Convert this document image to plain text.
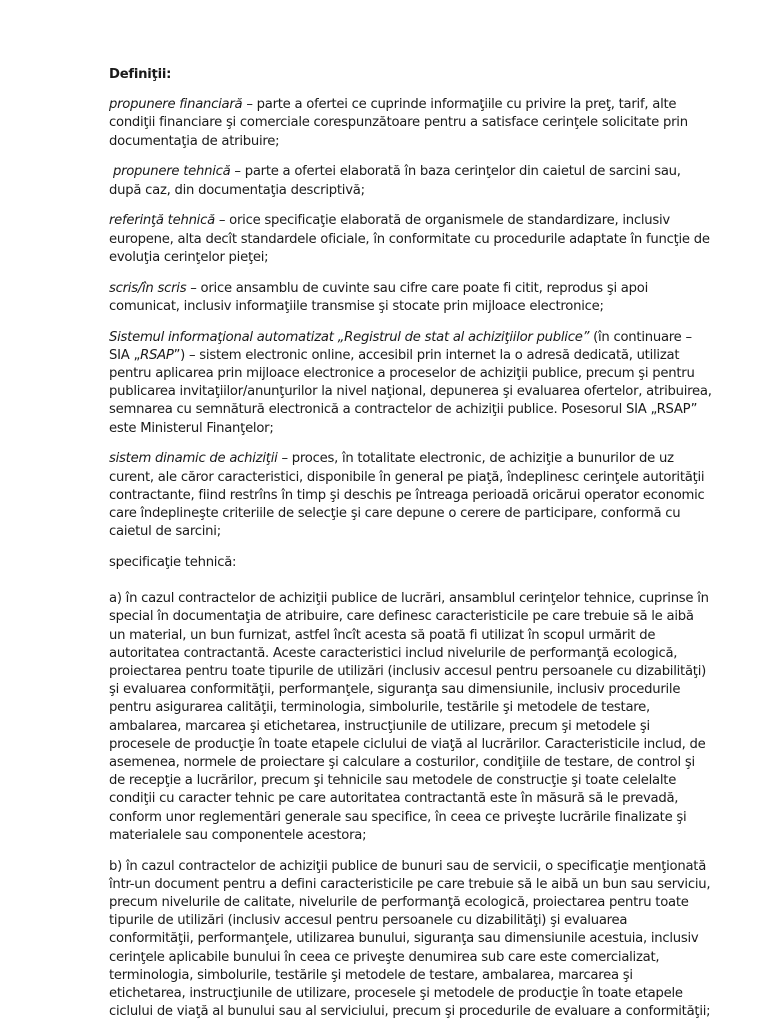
Definiţii:

propunere financiară – parte a ofertei ce cuprinde informaţiile cu privire la preţ, tarif, alte condiţii financiare şi comerciale corespunzătoare pentru a satisface cerinţele solicitate prin documentaţia de atribuire;

propunere tehnică – parte a ofertei elaborată în baza cerinţelor din caietul de sarcini sau, după caz, din documentaţia descriptivă;

referinţă tehnică – orice specificaţie elaborată de organismele de standardizare, inclusiv europene, alta decît standardele oficiale, în conformitate cu procedurile adaptate în funcţie de evoluţia cerinţelor pieţei;

scris/în scris – orice ansamblu de cuvinte sau cifre care poate fi citit, reprodus şi apoi comunicat, inclusiv informaţiile transmise şi stocate prin mijloace electronice;

Sistemul informaţional automatizat „Registrul de stat al achiziţiilor publice” (în continuare – SIA „RSAP”) – sistem electronic online, accesibil prin internet la o adresă dedicată, utilizat pentru aplicarea prin mijloace electronice a proceselor de achiziţii publice, precum şi pentru publicarea invitaţiilor/anunţurilor la nivel naţional, depunerea şi evaluarea ofertelor, atribuirea, semnarea cu semnătură electronică a contractelor de achiziţii publice. Posesorul SIA „RSAP” este Ministerul Finanţelor;

sistem dinamic de achiziţii – proces, în totalitate electronic, de achiziţie a bunurilor de uz curent, ale căror caracteristici, disponibile în general pe piaţă, îndeplinesc cerinţele autorităţii contractante, fiind restrîns în timp şi deschis pe întreaga perioadă oricărui operator economic care îndeplineşte criteriile de selecţie şi care depune o cerere de participare, conformă cu caietul de sarcini;

specificaţie tehnică:

a) în cazul contractelor de achiziţii publice de lucrări, ansamblul cerinţelor tehnice, cuprinse în special în documentaţia de atribuire, care definesc caracteristicile pe care trebuie să le aibă un material, un bun furnizat, astfel încît acesta să poată fi utilizat în scopul urmărit de autoritatea contractantă. Aceste caracteristici includ nivelurile de performanţă ecologică, proiectarea pentru toate tipurile de utilizări (inclusiv accesul pentru persoanele cu dizabilităţi) şi evaluarea conformităţii, performanţele, siguranţa sau dimensiunile, inclusiv procedurile pentru asigurarea calităţii, terminologia, simbolurile, testările şi metodele de testare, ambalarea, marcarea şi etichetarea, instrucţiunile de utilizare, precum şi metodele şi procesele de producţie în toate etapele ciclului de viaţă al lucrărilor. Caracteristicile includ, de asemenea, normele de proiectare şi calculare a costurilor, condiţiile de testare, de control şi de recepţie a lucrărilor, precum şi tehnicile sau metodele de construcţie şi toate celelalte condiţii cu caracter tehnic pe care autoritatea contractantă este în măsură să le prevadă, conform unor reglementări generale sau specifice, în ceea ce priveşte lucrările finalizate şi materialele sau componentele acestora;

b) în cazul contractelor de achiziţii publice de bunuri sau de servicii, o specificaţie menţionată într-un document pentru a defini caracteristicile pe care trebuie să le aibă un bun sau serviciu, precum nivelurile de calitate, nivelurile de performanţă ecologică, proiectarea pentru toate tipurile de utilizări (inclusiv accesul pentru persoanele cu dizabilităţi) şi evaluarea conformităţii, performanţele, utilizarea bunului, siguranţa sau dimensiunile acestuia, inclusiv cerinţele aplicabile bunului în ceea ce priveşte denumirea sub care este comercializat, terminologia, simbolurile, testările şi metodele de testare, ambalarea, marcarea şi etichetarea, instrucţiunile de utilizare, procesele şi metodele de producţie în toate etapele ciclului de viaţă al bunului sau al serviciului, precum şi procedurile de evaluare a conformităţii;
